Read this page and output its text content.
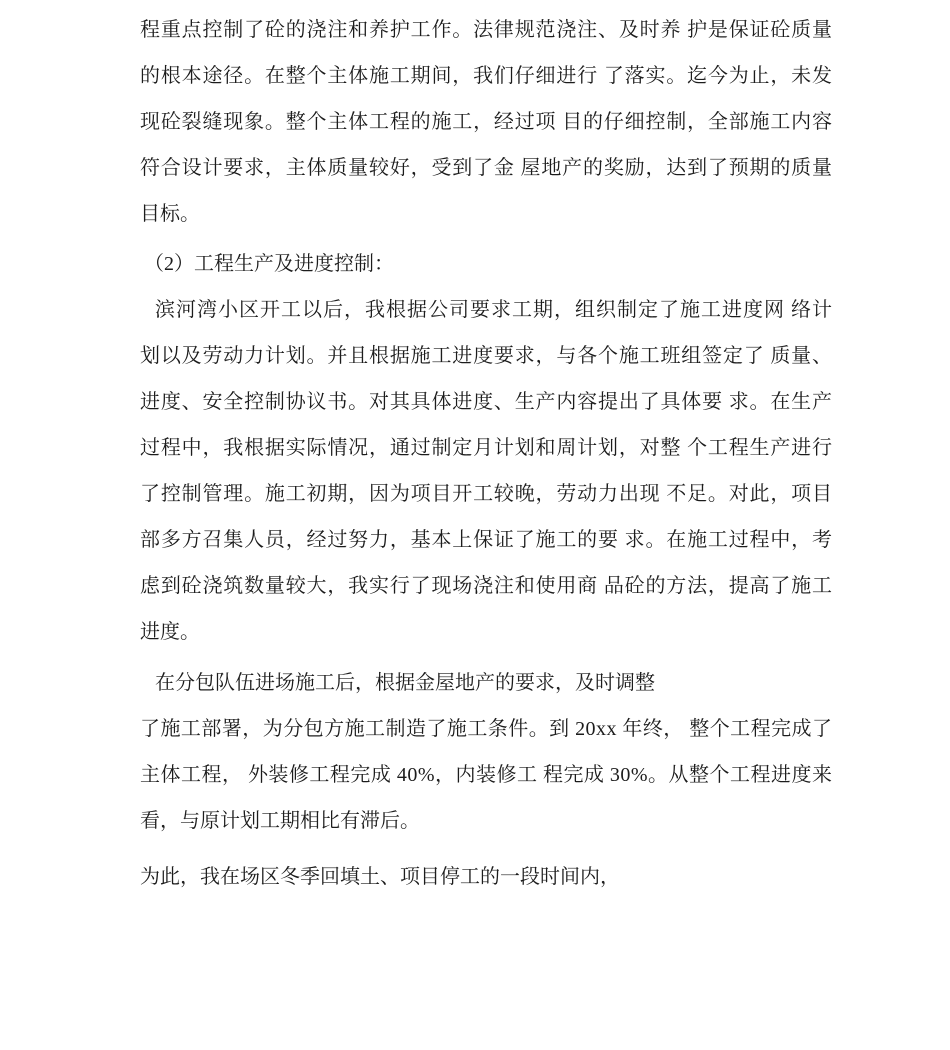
程重点控制了砼的浇注和养护工作。法律规范浇注、及时养 护是保证砼质量
的根本途径。在整个主体施工期间，我们仔细进行 了落实。迄今为止，未发
现砼裂缝现象。整个主体工程的施工，经过项 目的仔细控制，全部施工内容
符合设计要求，主体质量较好，受到了金 屋地产的奖励，达到了预期的质量
目标。
（2）工程生产及进度控制：
滨河湾小区开工以后，我根据公司要求工期，组织制定了施工进度网 络计
划以及劳动力计划。并且根据施工进度要求，与各个施工班组签定了 质量、
进度、安全控制协议书。对其具体进度、生产内容提出了具体要 求。在生产
过程中，我根据实际情况，通过制定月计划和周计划，对整 个工程生产进行
了控制管理。施工初期，因为项目开工较晚，劳动力出现 不足。对此，项目
部多方召集人员，经过努力，基本上保证了施工的要 求。在施工过程中，考
虑到砼浇筑数量较大，我实行了现场浇注和使用商 品砼的方法，提高了施工
进度。
在分包队伍进场施工后，根据金屋地产的要求，及时调整
了施工部署，为分包方施工制造了施工条件。到 20xx 年终， 整个工程完成了
主体工程， 外装修工程完成 40%，内装修工 程完成 30%。从整个工程进度来
看，与原计划工期相比有滞后。
为此，我在场区冬季回填土、项目停工的一段时间内，
